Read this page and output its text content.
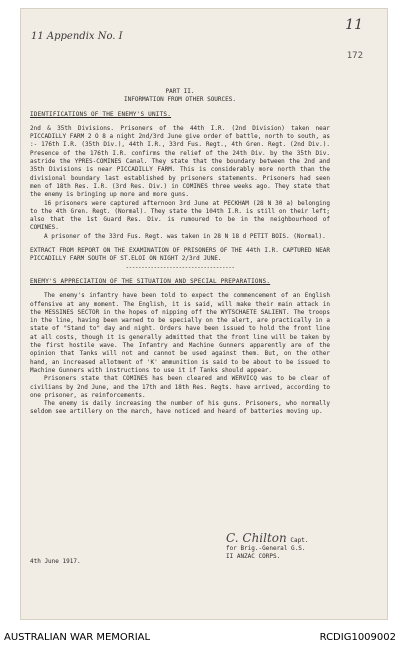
11 Appendix No. I
11
172
PART II.
INFORMATION FROM OTHER SOURCES.
IDENTIFICATIONS OF THE ENEMY'S UNITS.

2nd & 35th Divisions. Prisoners of the 44th I.R. (2nd Division) taken near PICCADILLY FARM 2 O 8 a night 2nd/3rd June give order of battle, north to south, as :- 176th I.R. (35th Div.), 44th I.R., 33rd Fus. Regt., 4th Gren. Regt. (2nd Div.). Presence of the 176th I.R. confirms the relief of the 24th Div. by the 35th Div. astride the YPRES-COMINES Canal. They state that the boundary between the 2nd and 35th Divisions is near PICCADILLY FARM. This is considerably more north than the divisional boundary last established by prisoners statements. Prisoners had seen men of 18th Res. I.R. (3rd Res. Div.) in COMINES three weeks ago. They state that the enemy is bringing up more and more guns.

16 prisoners were captured afternoon 3rd June at PECKHAM (28 N 30 a) belonging to the 4th Gren. Regt. (Normal). They state the 104th I.R. is still on their left; also that the 1st Guard Res. Div. is rumoured to be in the neighbourhood of COMINES.

A prisoner of the 33rd Fus. Regt. was taken in 28 N 18 d PETIT BOIS. (Normal).

EXTRACT FROM REPORT ON THE EXAMINATION OF PRISONERS OF THE 44th I.R. CAPTURED NEAR PICCADILLY FARM SOUTH OF ST.ELOI ON NIGHT 2/3rd JUNE.

-----------------------------------
ENEMY'S APPRECIATION OF THE SITUATION AND SPECIAL PREPARATIONS.

The enemy's infantry have been told to expect the commencement of an English offensive at any moment. The English, it is said, will make their main attack in the MESSINES SECTOR in the hopes of nipping off the WYTSCHAETE SALIENT. The troops in the line, having been warned to be specially on the alert, are practically in a state of "Stand to" day and night. Orders have been issued to hold the front line at all costs, though it is generally admitted that the front line will be taken by the first hostile wave. The Infantry and Machine Gunners apparently are of the opinion that Tanks will not and cannot be used against them. But, on the other hand, an increased allotment of 'K' ammunition is said to be about to be issued to Machine Gunners with instructions to use it if Tanks should appear.

Prisoners state that COMINES has been cleared and WERVICQ was to be clear of civilians by 2nd June, and the 17th and 18th Res. Regts. have arrived, according to one prisoner, as reinforcements.

The enemy is daily increasing the number of his guns. Prisoners, who normally seldom see artillery on the march, have noticed and heard of batteries moving up.

C. Chilton Capt.
for Brig.-General G.S.
II ANZAC CORPS.
4th June 1917.
AUSTRALIAN WAR MEMORIAL	RCDIG1009002
